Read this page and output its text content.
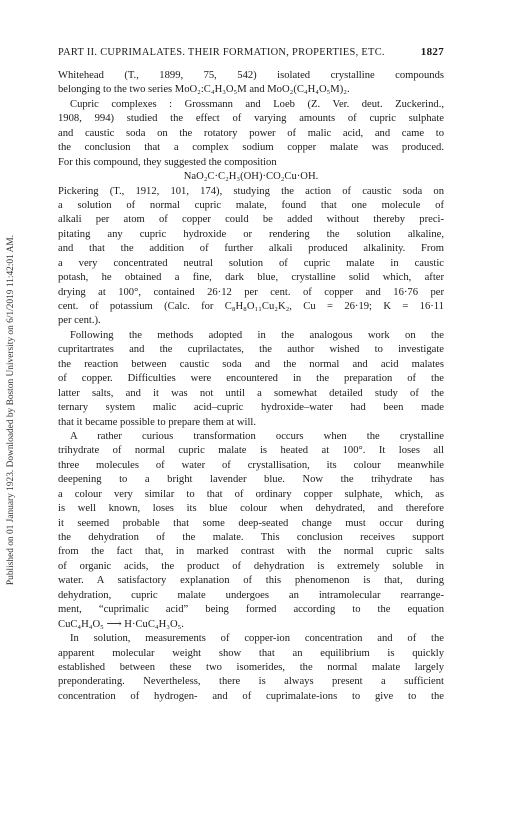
Published on 01 January 1923. Downloaded by Boston University on 6/1/2019 11:42:01 AM.
PART II. CUPRIMALATES. THEIR FORMATION, PROPERTIES, ETC.	1827
Whitehead (T., 1899, 75, 542) isolated crystalline compounds
belonging to the two series MoO₂:C₄H₃O₅M and MoO₂(C₄H₄O₅M)₂.
Cupric complexes : Grossmann and Loeb (Z. Ver. deut. Zuckerind.,
1908, 994) studied the effect of varying amounts of cupric sulphate
and caustic soda on the rotatory power of malic acid, and came to
the conclusion that a complex sodium copper malate was produced.
For this compound, they suggested the composition
NaO₂C·C₂H₃(OH)·CO₂Cu·OH.
Pickering (T., 1912, 101, 174), studying the action of caustic soda on
a solution of normal cupric malate, found that one molecule of
alkali per atom of copper could be added without thereby preci-
pitating any cupric hydroxide or rendering the solution alkaline,
and that the addition of further alkali produced alkalinity. From
a very concentrated neutral solution of cupric malate in caustic
potash, he obtained a fine, dark blue, crystalline solid which, after
drying at 100°, contained 26·12 per cent. of copper and 16·76 per
cent. of potassium (Calc. for C₈H₈O₁₁Cu₂K₂, Cu = 26·19; K = 16·11
per cent.).
Following the methods adopted in the analogous work on the
cupritartrates and the cuprilactates, the author wished to investigate
the reaction between caustic soda and the normal and acid malates
of copper. Difficulties were encountered in the preparation of the
latter salts, and it was not until a somewhat detailed study of the
ternary system malic acid–cupric hydroxide–water had been made
that it became possible to prepare them at will.
A rather curious transformation occurs when the crystalline
trihydrate of normal cupric malate is heated at 100°. It loses all
three molecules of water of crystallisation, its colour meanwhile
deepening to a bright lavender blue. Now the trihydrate has
a colour very similar to that of ordinary copper sulphate, which, as
is well known, loses its blue colour when dehydrated, and therefore
it seemed probable that some deep-seated change must occur during
the dehydration of the malate. This conclusion receives support
from the fact that, in marked contrast with the normal cupric salts
of organic acids, the product of dehydration is extremely soluble in
water. A satisfactory explanation of this phenomenon is that, during
dehydration, cupric malate undergoes an intramolecular rearrange-
ment, “cuprimalic acid” being formed according to the equation
CuC₄H₄O₅ ⟶ H·CuC₄H₃O₅.
In solution, measurements of copper-ion concentration and of the
apparent molecular weight show that an equilibrium is quickly
established between these two isomerides, the normal malate largely
preponderating. Nevertheless, there is always present a sufficient
concentration of hydrogen- and of cuprimalate-ions to give to the
